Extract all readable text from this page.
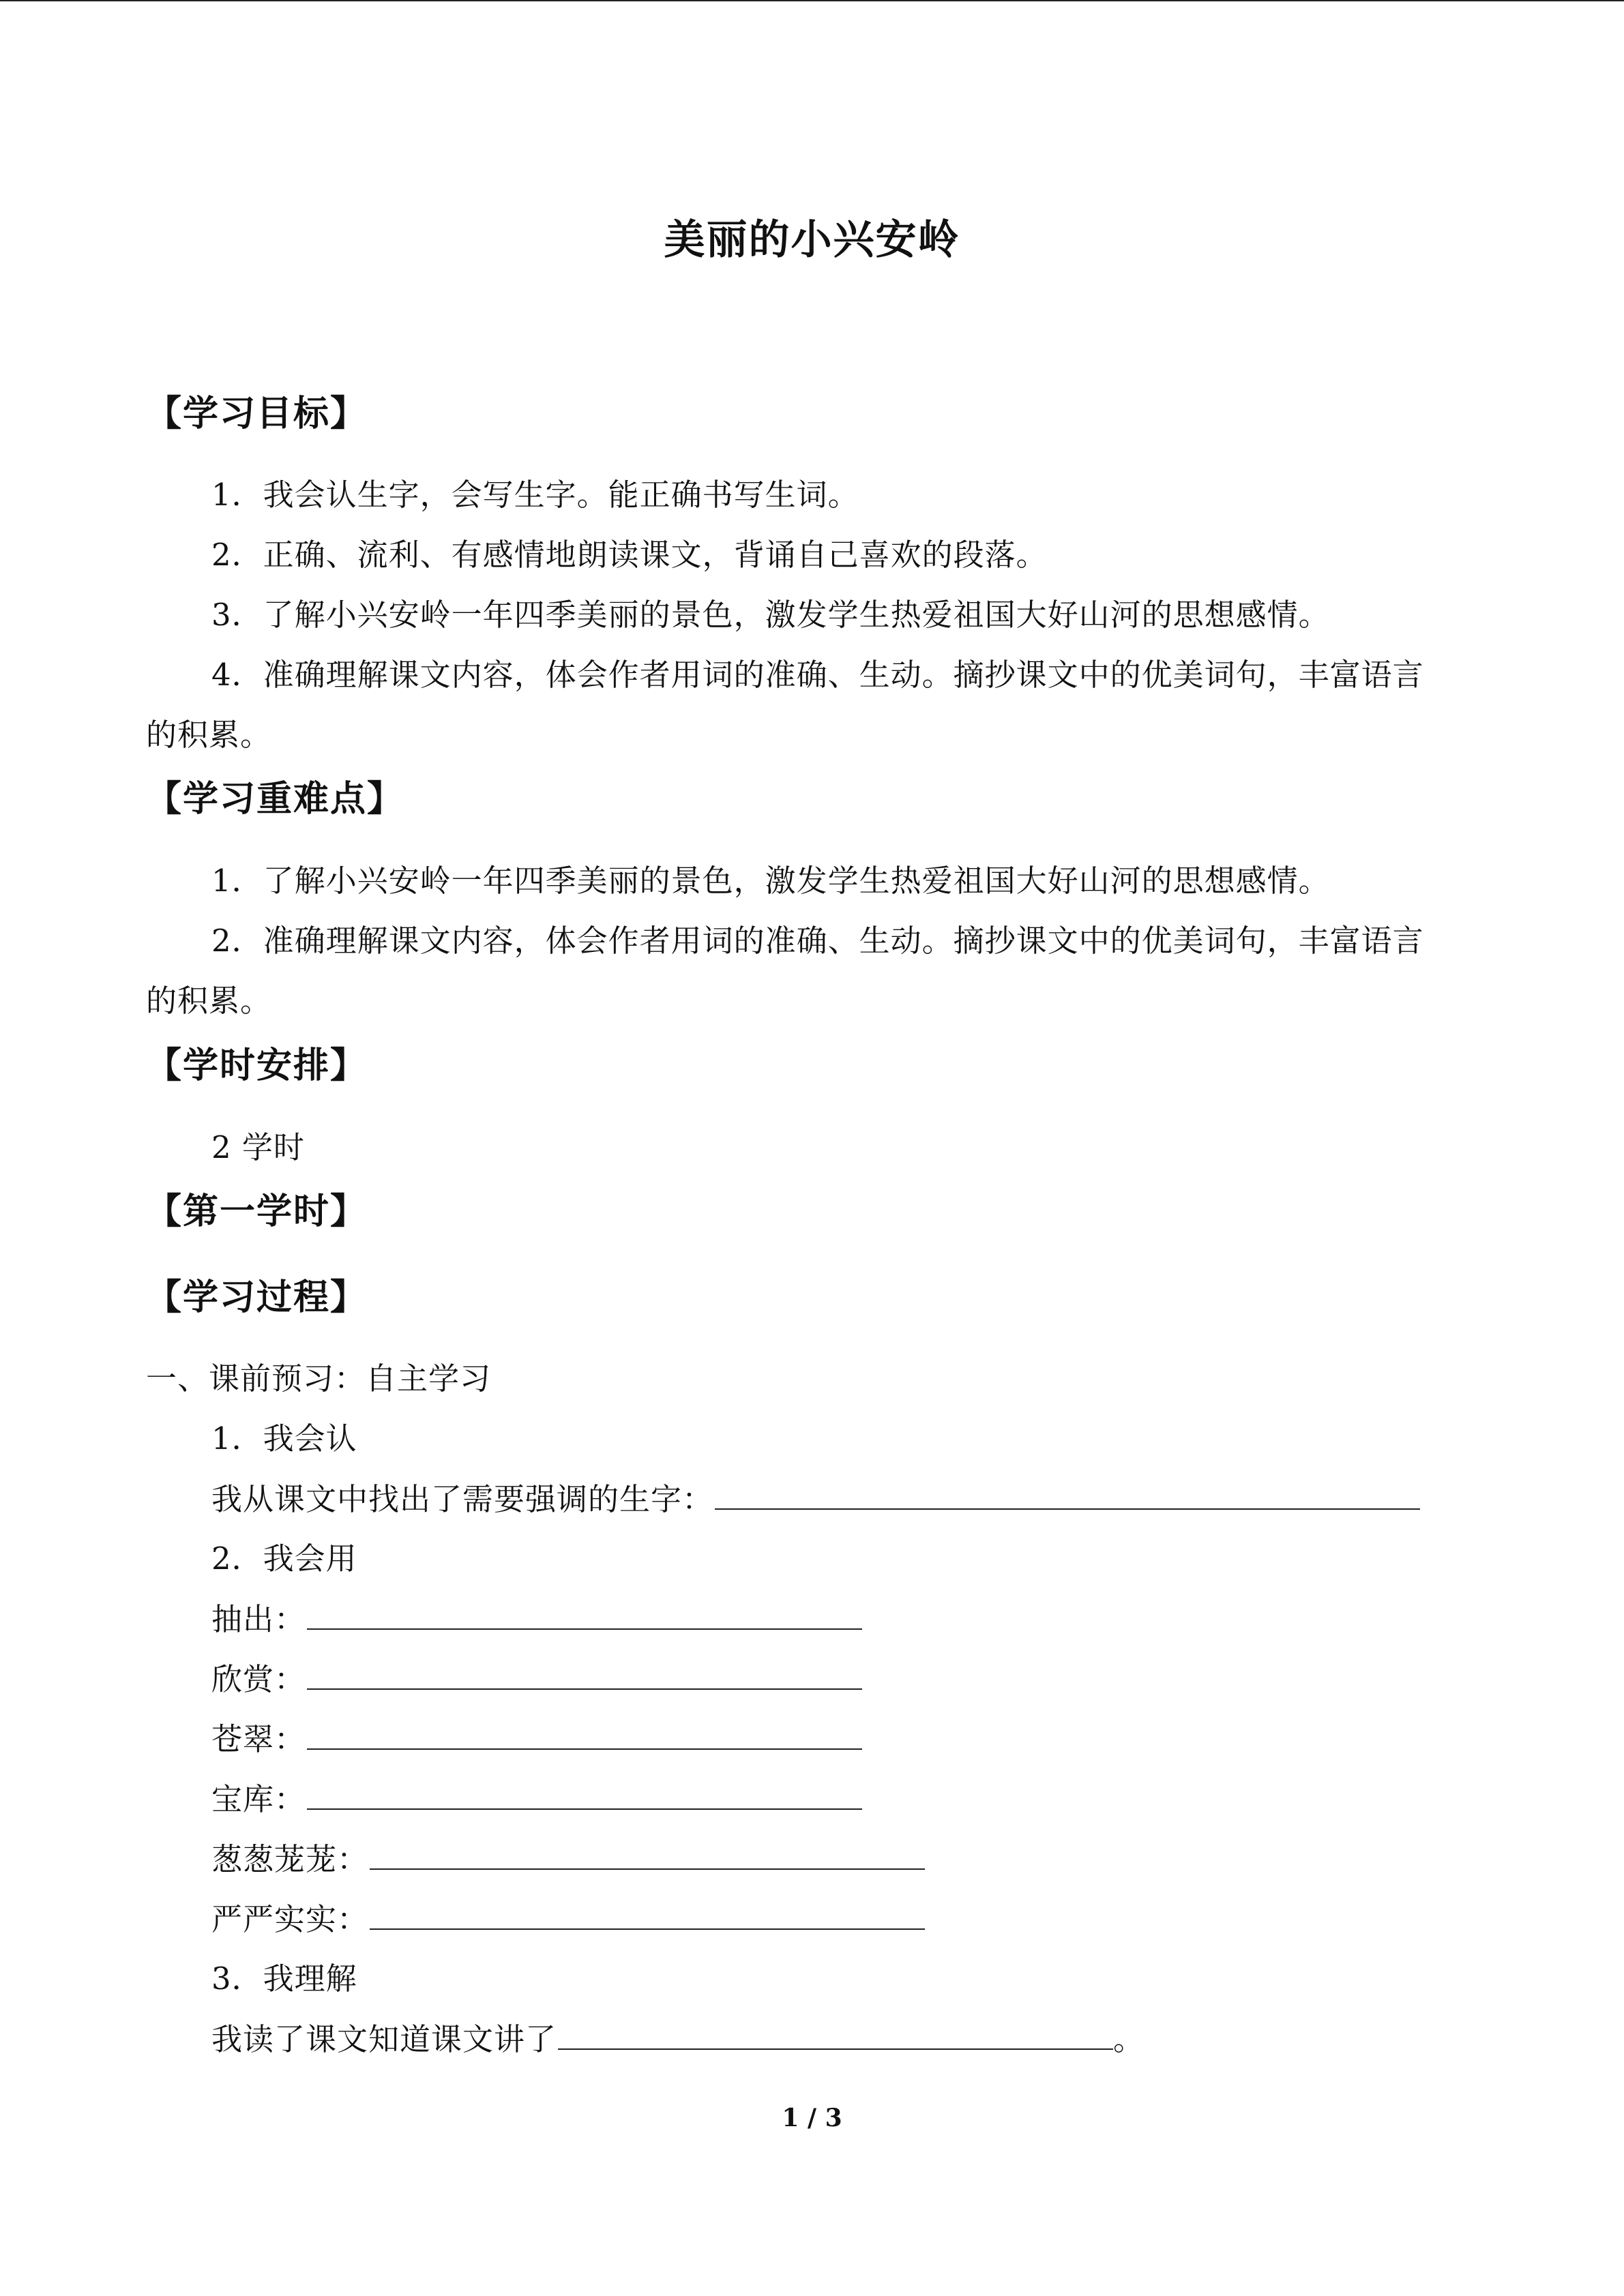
美丽的小兴安岭
【学习目标】
1．我会认生字，会写生字。能正确书写生词。
2．正确、流利、有感情地朗读课文，背诵自己喜欢的段落。
3．了解小兴安岭一年四季美丽的景色，激发学生热爱祖国大好山河的思想感情。
4．准确理解课文内容，体会作者用词的准确、生动。摘抄课文中的优美词句，丰富语言
的积累。
【学习重难点】
1．了解小兴安岭一年四季美丽的景色，激发学生热爱祖国大好山河的思想感情。
2．准确理解课文内容，体会作者用词的准确、生动。摘抄课文中的优美词句，丰富语言
的积累。
【学时安排】
2 学时
【第一学时】
【学习过程】
一、课前预习：自主学习
1．我会认
我从课文中找出了需要强调的生字：
2．我会用
抽出：
欣赏：
苍翠：
宝库：
葱葱茏茏：
严严实实：
3．我理解
我读了课文知道课文讲了	。
1 / 3
